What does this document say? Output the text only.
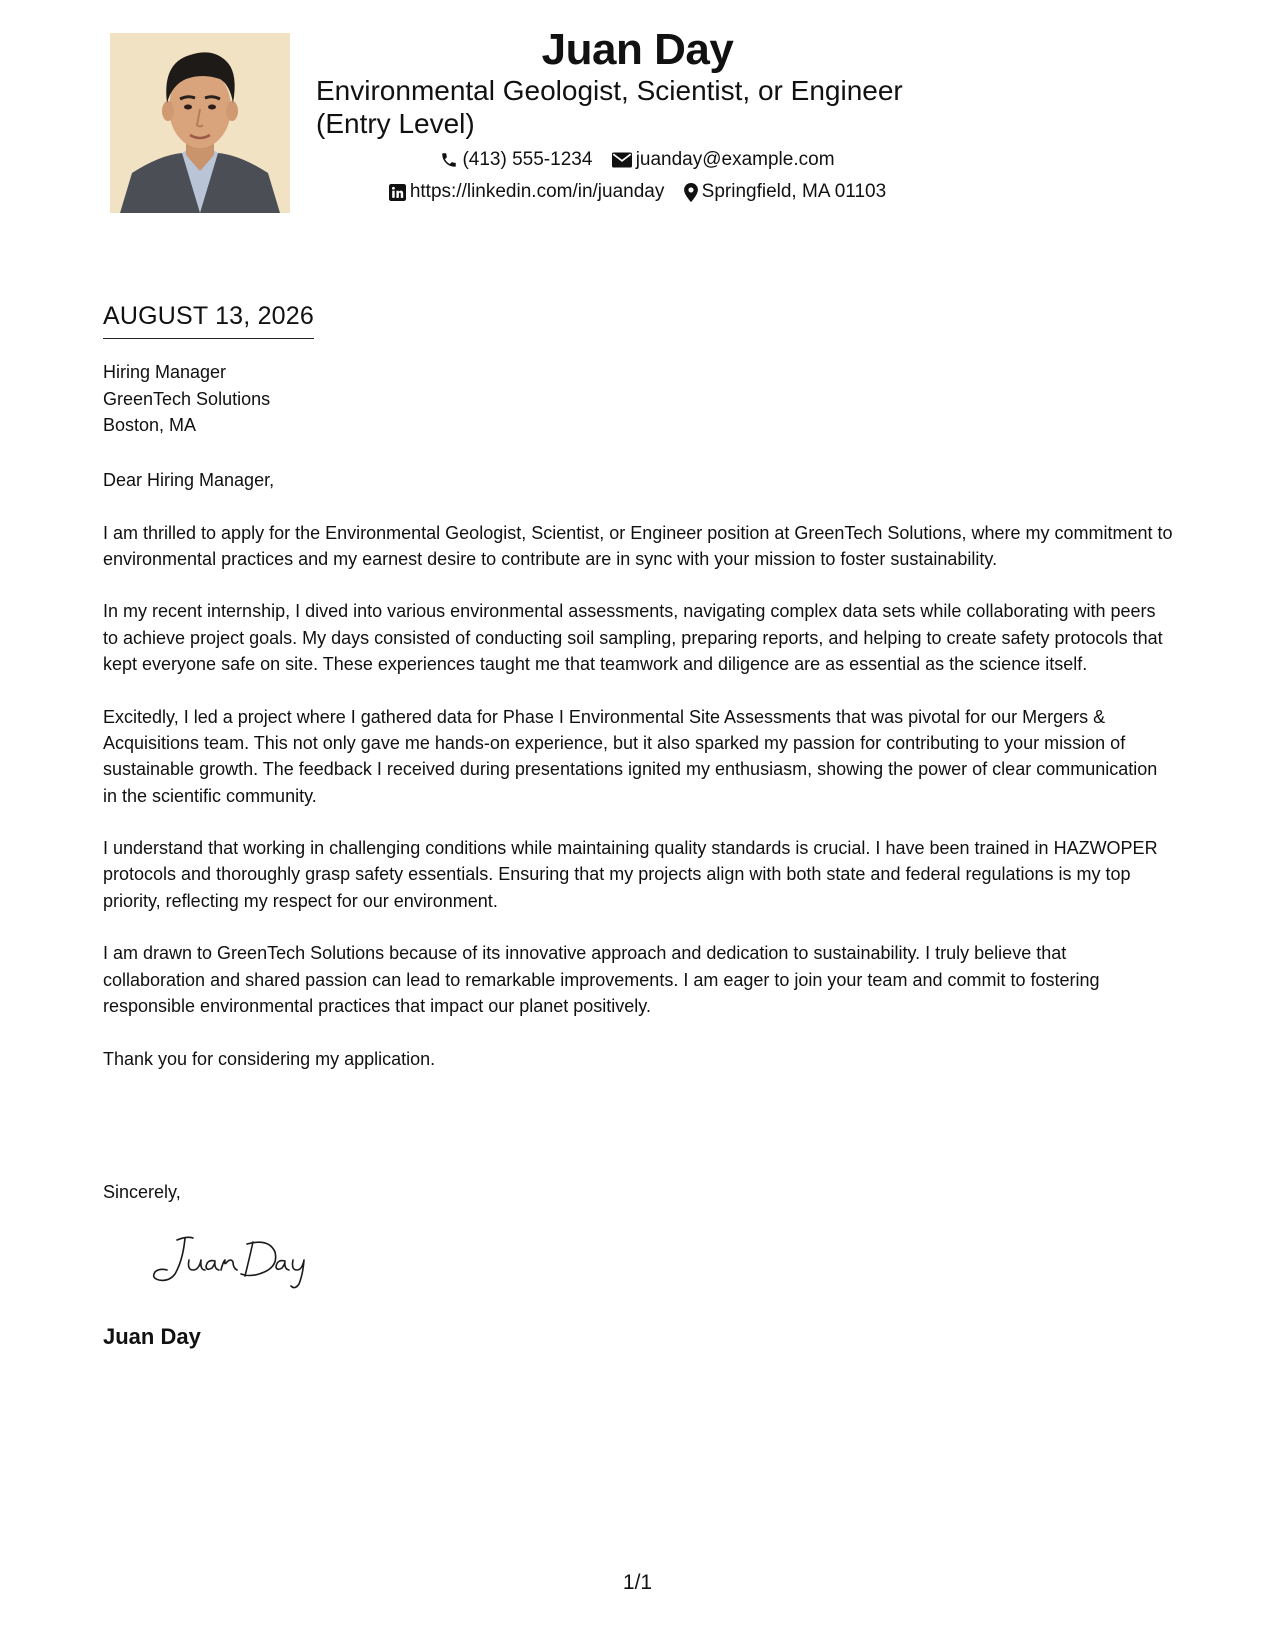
Juan Day
Environmental Geologist, Scientist, or Engineer
(Entry Level)
(413) 555-1234
juanday@example.com
https://linkedin.com/in/juanday
Springfield, MA 01103
AUGUST 13, 2026
Hiring Manager
GreenTech Solutions
Boston, MA

Dear Hiring Manager,

I am thrilled to apply for the Environmental Geologist, Scientist, or Engineer position at GreenTech Solutions, where my commitment to environmental practices and my earnest desire to contribute are in sync with your mission to foster sustainability.

In my recent internship, I dived into various environmental assessments, navigating complex data sets while collaborating with peers to achieve project goals. My days consisted of conducting soil sampling, preparing reports, and helping to create safety protocols that kept everyone safe on site. These experiences taught me that teamwork and diligence are as essential as the science itself.

Excitedly, I led a project where I gathered data for Phase I Environmental Site Assessments that was pivotal for our Mergers & Acquisitions team. This not only gave me hands-on experience, but it also sparked my passion for contributing to your mission of sustainable growth. The feedback I received during presentations ignited my enthusiasm, showing the power of clear communication in the scientific community.

I understand that working in challenging conditions while maintaining quality standards is crucial. I have been trained in HAZWOPER protocols and thoroughly grasp safety essentials. Ensuring that my projects align with both state and federal regulations is my top priority, reflecting my respect for our environment.

I am drawn to GreenTech Solutions because of its innovative approach and dedication to sustainability. I truly believe that collaboration and shared passion can lead to remarkable improvements. I am eager to join your team and commit to fostering responsible environmental practices that impact our planet positively.

Thank you for considering my application.

Sincerely,
Juan Day
1/1
